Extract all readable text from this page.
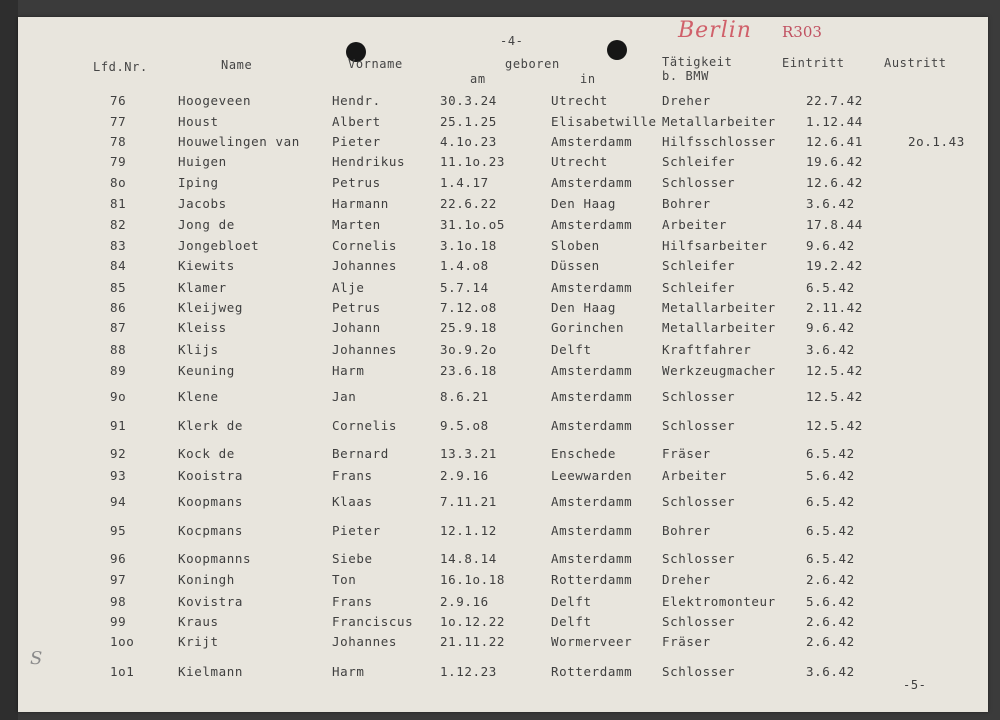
-4-	Berlin R303
Lfd.Nr.	Name	Vorname	geboren
am	in
Tätigkeit
b. BMW
Eintritt	Austritt
76	Hoogeveen	Hendr.	30.3.24	Utrecht	Dreher	22.7.42
77	Houst	Albert	25.1.25	Elisabetwille Metallarbeiter 1.12.44
78	Houwelingen van	Pieter	4.1o.23	Amsterdamm Hilfsschlosser 12.6.41	2o.1.43
79	Huigen	Hendrikus	11.1o.23	Utrecht	Schleifer	19.6.42
8o	Iping	Petrus	1.4.17	Amsterdamm Schlosser	12.6.42
81	Jacobs	Harmann	22.6.22	Den Haag	Bohrer	3.6.42
82	Jong de	Marten	31.1o.o5	Amsterdamm Arbeiter	17.8.44
83	Jongebloet	Cornelis	3.1o.18	Sloben	Hilfsarbeiter	9.6.42
84	Kiewits	Johannes	1.4.o8	Düssen	Schleifer	19.2.42
85	Klamer	Alje	5.7.14	Amsterdamm Schleifer	6.5.42
86	Kleijweg	Petrus	7.12.o8	Den Haag	Metallarbeiter 2.11.42
87	Kleiss	Johann	25.9.18	Gorinchen	Metallarbeiter 9.6.42
88	Klijs	Johannes	3o.9.2o	Delft	Kraftfahrer	3.6.42
89	Keuning	Harm	23.6.18	Amsterdamm Werkzeugmacher 12.5.42
9o	Klene	Jan	8.6.21	Amsterdamm Schlosser	12.5.42
91	Klerk de	Cornelis	9.5.o8	Amsterdamm Schlosser	12.5.42
92	Kock de	Bernard	13.3.21	Enschede	Fräser	6.5.42
93	Kooistra	Frans	2.9.16	Leewwarden Arbeiter	5.6.42
94	Koopmans	Klaas	7.11.21	Amsterdamm Schlosser	6.5.42
95	Kocpmans	Pieter	12.1.12	Amsterdamm Bohrer	6.5.42
96	Koopmanns	Siebe	14.8.14	Amsterdamm Schlosser	6.5.42
97	Koningh	Ton	16.1o.18	Rotterdamm Dreher	2.6.42
98	Kovistra	Frans	2.9.16	Delft	Elektromonteur 5.6.42
99	Kraus	Franciscus 1o.12.22	Delft	Schlosser	2.6.42
1oo	Krijt	Johannes	21.11.22	Wormerveer Fräser	2.6.42
1o1	Kielmann	Harm	1.12.23	Rotterdamm Schlosser	3.6.42
S
-5-
